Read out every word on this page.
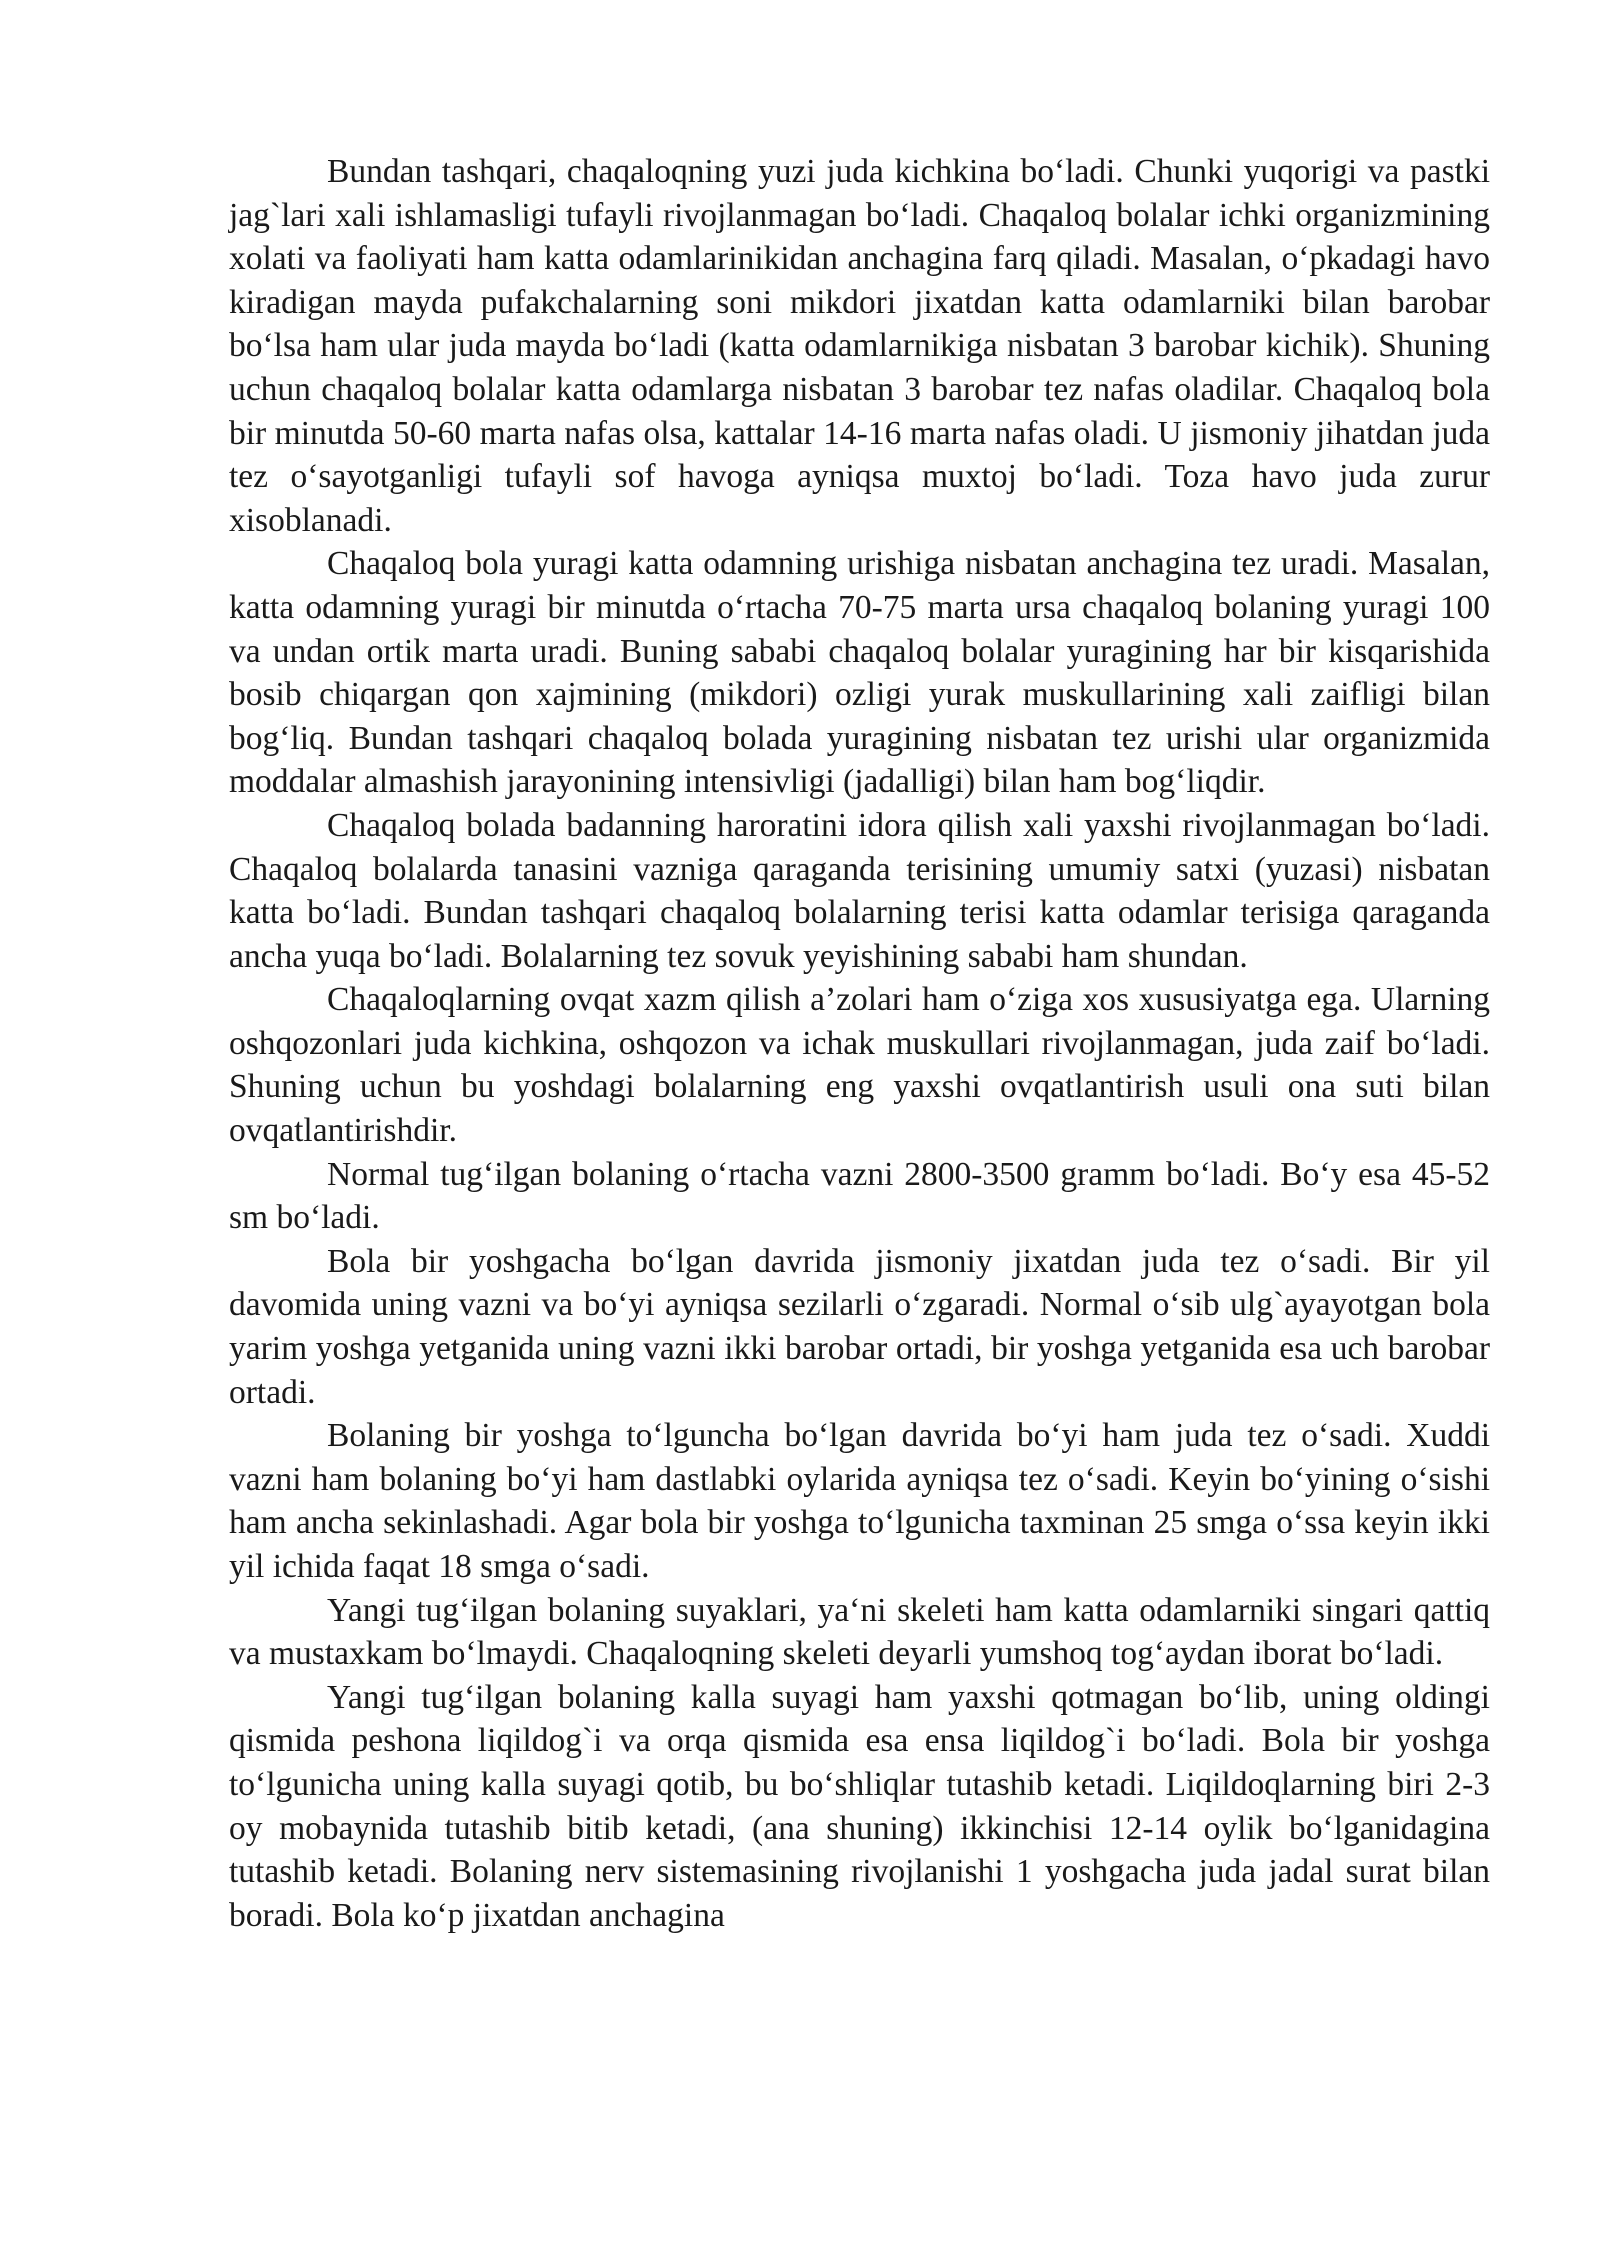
Bundan tashqari, chaqaloqning yuzi juda kichkina bo‘ladi. Chunki yuqorigi va pastki jag`lari xali ishlamasligi tufayli rivojlanmagan bo‘ladi. Chaqaloq bolalar ichki organizmining xolati va faoliyati ham katta odamlarinikidan anchagina farq qiladi. Masalan, o‘pkadagi havo kiradigan mayda pufakchalarning soni mikdori jixatdan katta odamlarniki bilan barobar bo‘lsa ham ular juda mayda bo‘ladi (katta odamlarnikiga nisbatan 3 barobar kichik). Shuning uchun chaqaloq bolalar katta odamlarga nisbatan 3 barobar tez nafas oladilar. Chaqaloq bola bir minutda 50-60 marta nafas olsa, kattalar 14-16 marta nafas oladi. U jismoniy jihatdan juda tez o‘sayotganligi tufayli sof havoga ayniqsa muxtoj bo‘ladi. Toza havo juda zurur xisoblanadi.

Chaqaloq bola yuragi katta odamning urishiga nisbatan anchagina tez uradi. Masalan, katta odamning yuragi bir minutda o‘rtacha 70-75 marta ursa chaqaloq bolaning yuragi 100 va undan ortik marta uradi. Buning sababi chaqaloq bolalar yuragining har bir kisqarishida bosib chiqargan qon xajmining (mikdori) ozligi yurak muskullarining xali zaifligi bilan bog‘liq. Bundan tashqari chaqaloq bolada yuragining nisbatan tez urishi ular organizmida moddalar almashish jarayonining intensivligi (jadalligi) bilan ham bog‘liqdir.

Chaqaloq bolada badanning haroratini idora qilish xali yaxshi rivojlanmagan bo‘ladi. Chaqaloq bolalarda tanasini vazniga qaraganda terisining umumiy satxi (yuzasi) nisbatan katta bo‘ladi. Bundan tashqari chaqaloq bolalarning terisi katta odamlar terisiga qaraganda ancha yuqa bo‘ladi. Bolalarning tez sovuk yeyishining sababi ham shundan.

Chaqaloqlarning ovqat xazm qilish a’zolari ham o‘ziga xos xususiyatga ega. Ularning oshqozonlari juda kichkina, oshqozon va ichak muskullari rivojlanmagan, juda zaif bo‘ladi. Shuning uchun bu yoshdagi bolalarning eng yaxshi ovqatlantirish usuli ona suti bilan ovqatlantirishdir.

Normal tug‘ilgan bolaning o‘rtacha vazni 2800-3500 gramm bo‘ladi. Bo‘y esa 45-52 sm bo‘ladi.

Bola bir yoshgacha bo‘lgan davrida jismoniy jixatdan juda tez o‘sadi. Bir yil davomida uning vazni va bo‘yi ayniqsa sezilarli o‘zgaradi. Normal o‘sib ulg`ayayotgan bola yarim yoshga yetganida uning vazni ikki barobar ortadi, bir yoshga yetganida esa uch barobar ortadi.

Bolaning bir yoshga to‘lguncha bo‘lgan davrida bo‘yi ham juda tez o‘sadi. Xuddi vazni ham bolaning bo‘yi ham dastlabki oylarida ayniqsa tez o‘sadi. Keyin bo‘yining o‘sishi ham ancha sekinlashadi. Agar bola bir yoshga to‘lgunicha taxminan 25 smga o‘ssa keyin ikki yil ichida faqat 18 smga o‘sadi.

Yangi tug‘ilgan bolaning suyaklari, ya‘ni skeleti ham katta odamlarniki singari qattiq va mustaxkam bo‘lmaydi. Chaqaloqning skeleti deyarli yumshoq tog‘aydan iborat bo‘ladi.

Yangi tug‘ilgan bolaning kalla suyagi ham yaxshi qotmagan bo‘lib, uning oldingi qismida peshona liqildog`i va orqa qismida esa ensa liqildog`i bo‘ladi. Bola bir yoshga to‘lgunicha uning kalla suyagi qotib, bu bo‘shliqlar tutashib ketadi. Liqildoqlarning biri 2-3 oy mobaynida tutashib bitib ketadi, (ana shuning) ikkinchisi 12-14 oylik bo‘lganidagina tutashib ketadi. Bolaning nerv sistemasining rivojlanishi 1 yoshgacha juda jadal surat bilan boradi. Bola ko‘p jixatdan anchagina
